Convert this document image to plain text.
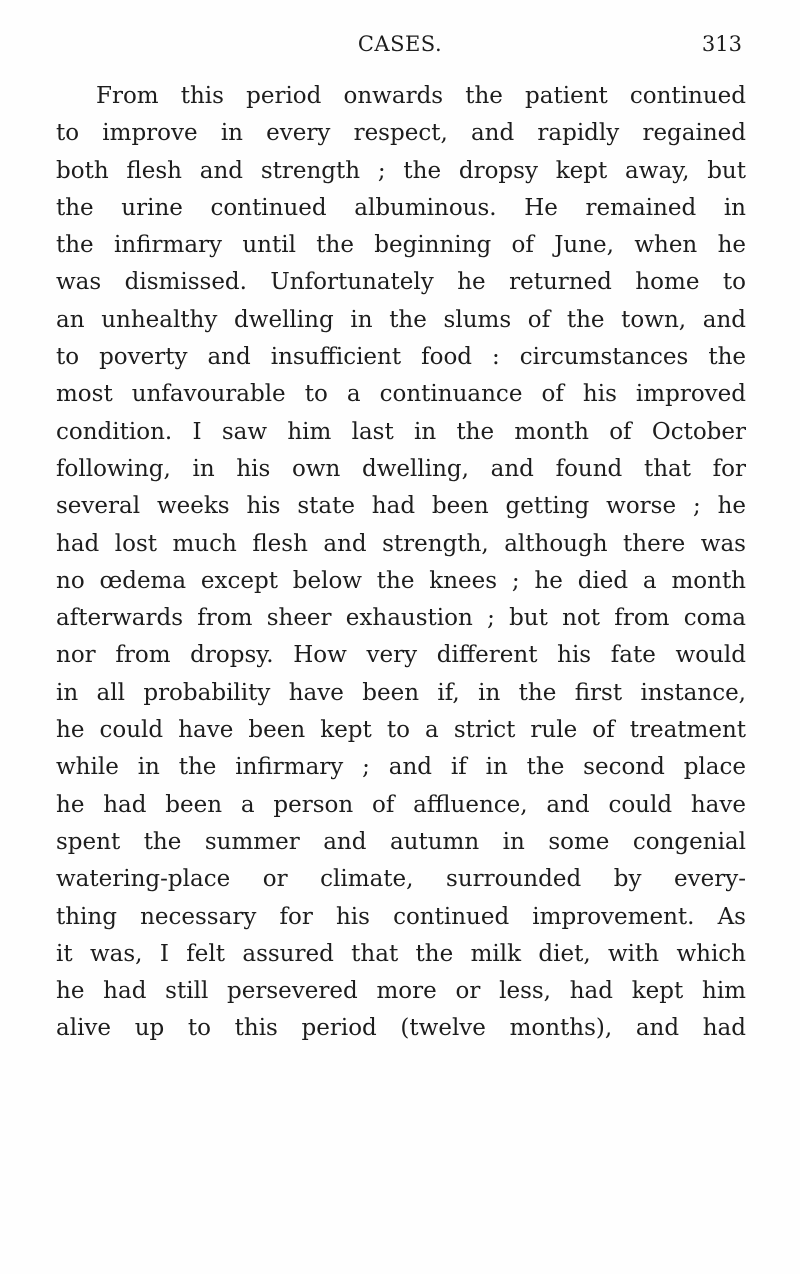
CASES.	313
From this period onwards the patient continued
to improve in every respect, and rapidly regained
both flesh and strength ; the dropsy kept away, but
the urine continued albuminous. He remained in
the infirmary until the beginning of June, when he
was dismissed. Unfortunately he returned home to
an unhealthy dwelling in the slums of the town, and
to poverty and insufficient food : circumstances the
most unfavourable to a continuance of his improved
condition. I saw him last in the month of October
following, in his own dwelling, and found that for
several weeks his state had been getting worse ; he
had lost much flesh and strength, although there was
no œdema except below the knees ; he died a month
afterwards from sheer exhaustion ; but not from coma
nor from dropsy. How very different his fate would
in all probability have been if, in the first instance,
he could have been kept to a strict rule of treatment
while in the infirmary ; and if in the second place
he had been a person of affluence, and could have
spent the summer and autumn in some congenial
watering-place or climate, surrounded by every-
thing necessary for his continued improvement. As
it was, I felt assured that the milk diet, with which
he had still persevered more or less, had kept him
alive up to this period (twelve months), and had
